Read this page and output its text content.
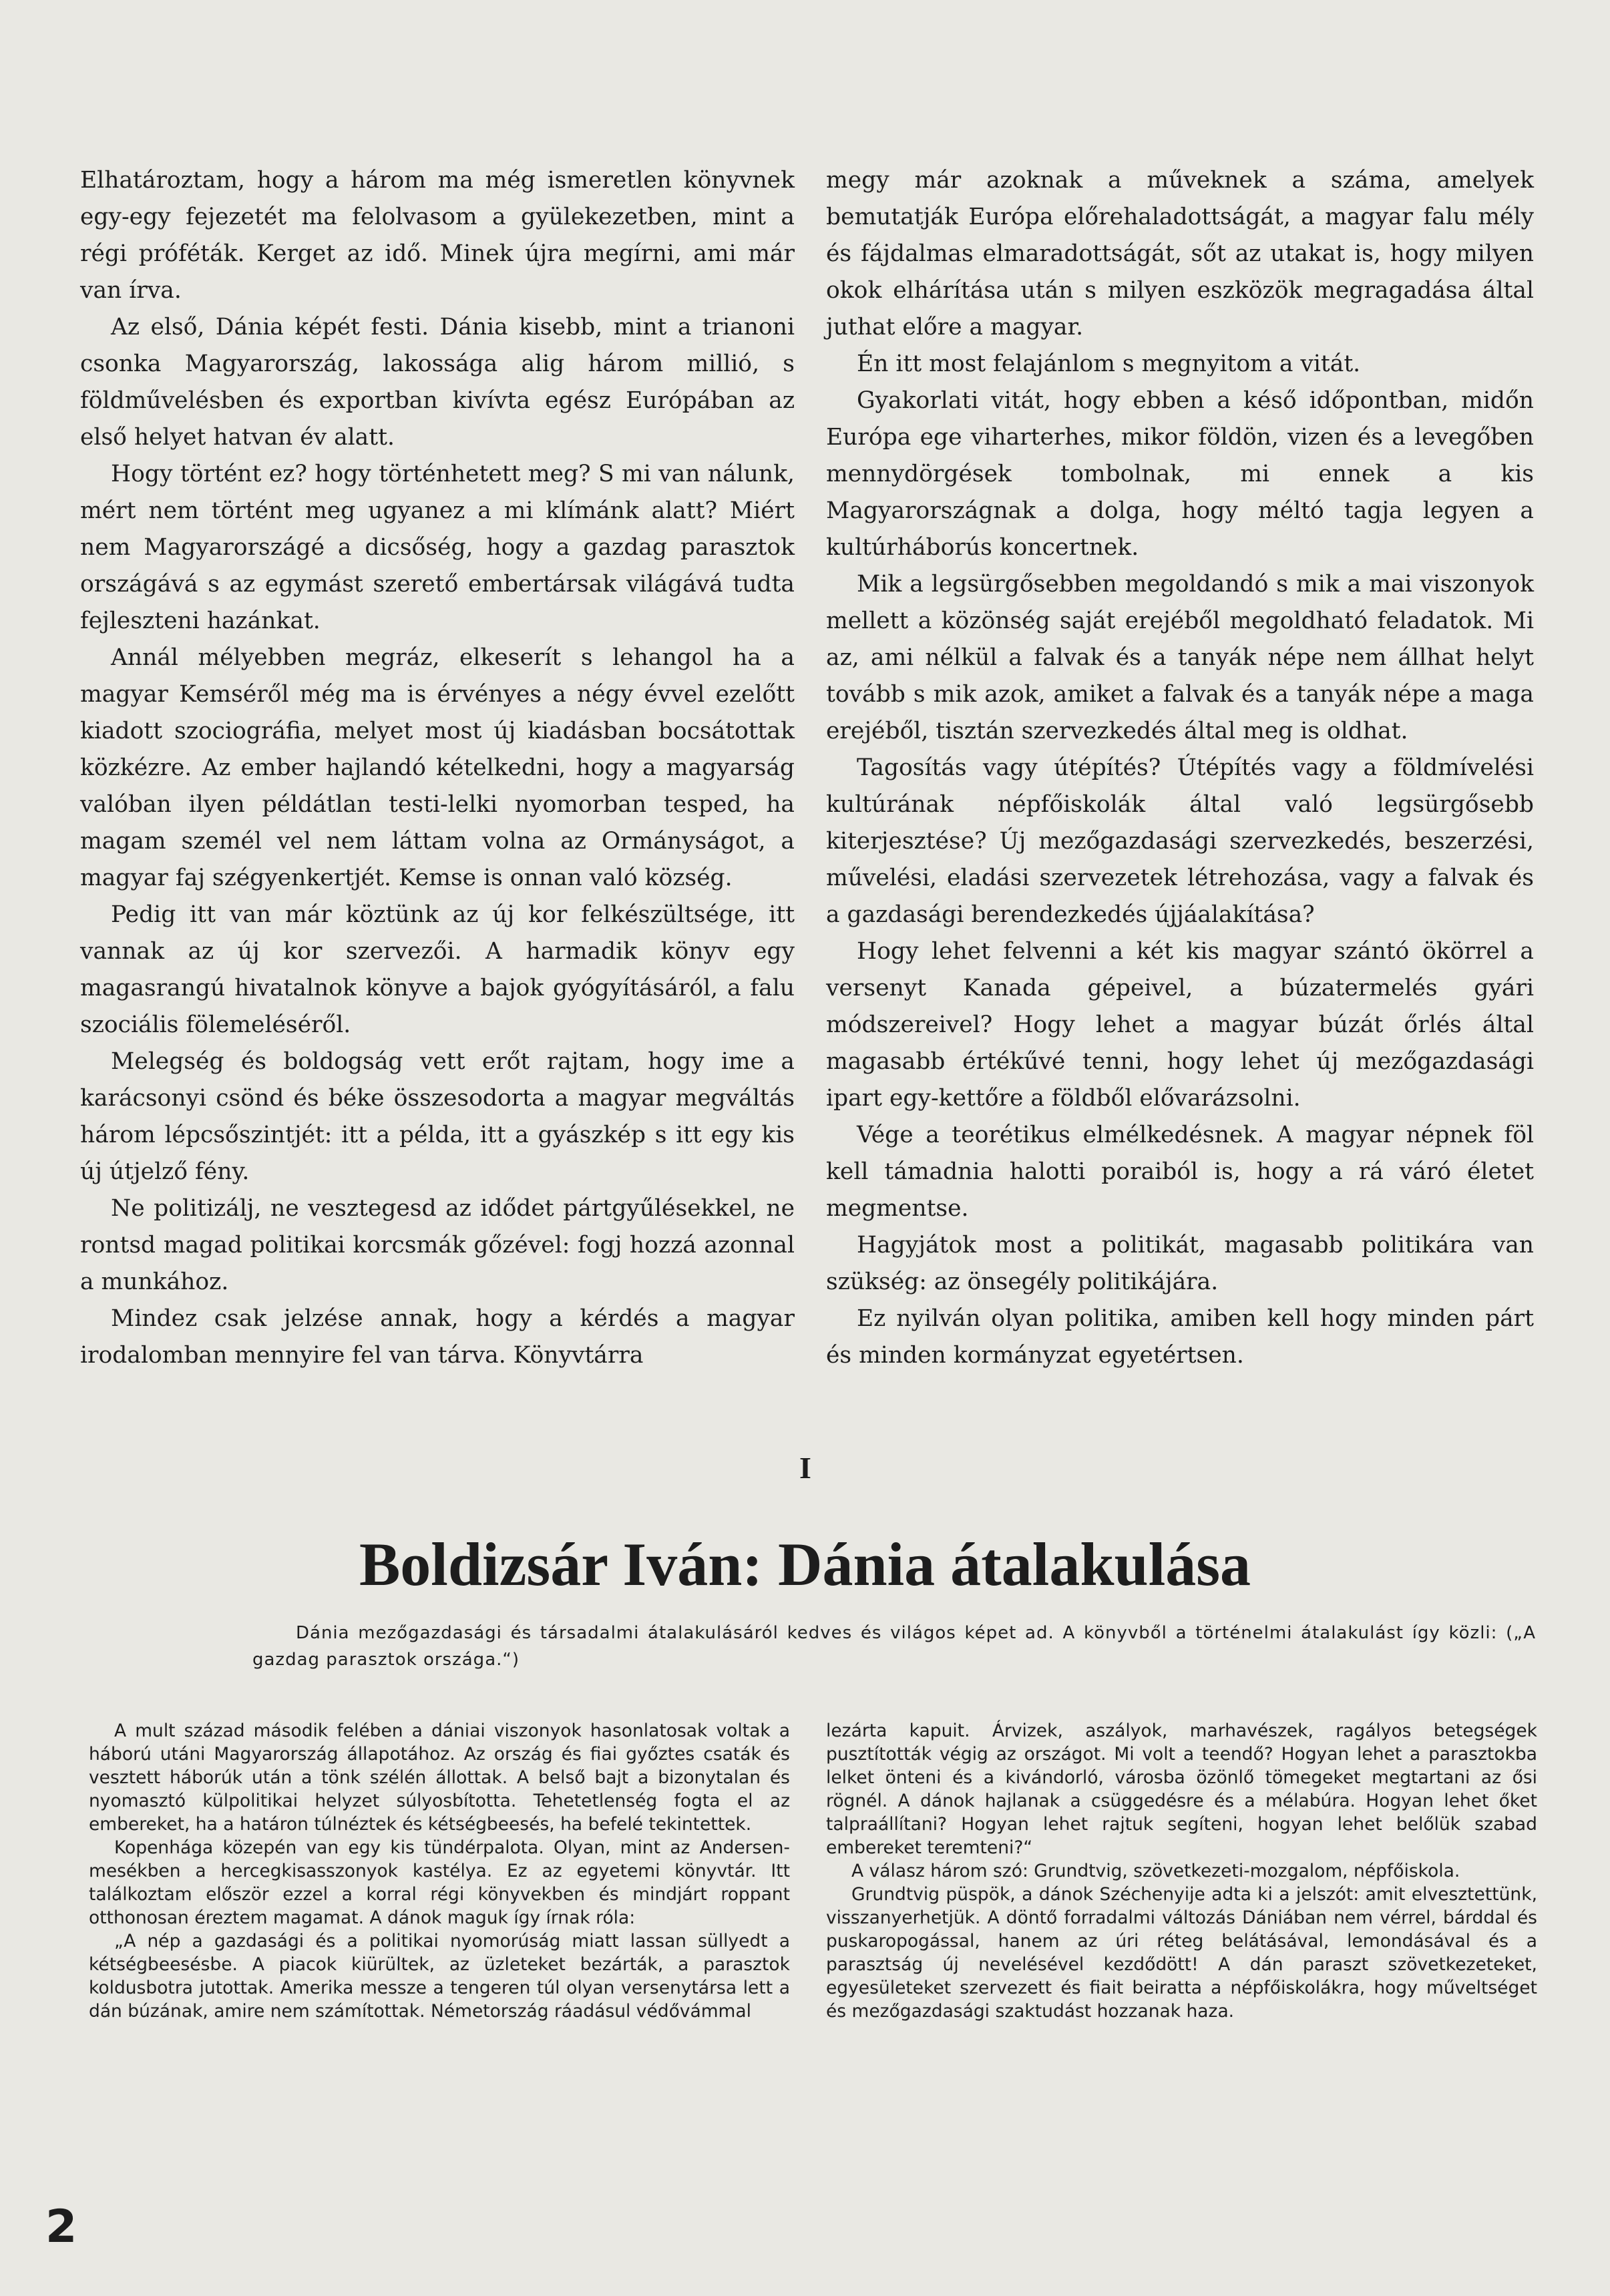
Elhatároztam, hogy a három ma még ismeretlen könyvnek egy-egy fejezetét ma felolvasom a gyülekezetben, mint a régi próféták. Kerget az idő. Minek újra megírni, ami már van írva.

Az első, Dánia képét festi. Dánia kisebb, mint a trianoni csonka Magyarország, lakossága alig három millió, s földművelésben és exportban kivívta egész Európában az első helyet hatvan év alatt.

Hogy történt ez? hogy történhetett meg? S mi van nálunk, mért nem történt meg ugyanez a mi klímánk alatt? Miért nem Magyarországé a dicsőség, hogy a gazdag parasztok országává s az egymást szerető embertársak világává tudta fejleszteni hazánkat.

Annál mélyebben megráz, elkeserít s lehangol ha a magyar Kemséről még ma is érvényes a négy évvel ezelőtt kiadott szociográfia, melyet most új kiadásban bocsátottak közkézre. Az ember hajlandó kételkedni, hogy a magyarság valóban ilyen példátlan testi-lelki nyomorban tesped, ha magam személ vel nem láttam volna az Ormányságot, a magyar faj szégyenkertjét. Kemse is onnan való község.

Pedig itt van már köztünk az új kor felkészültsége, itt vannak az új kor szervezői. A harmadik könyv egy magasrangú hivatalnok könyve a bajok gyógyításáról, a falu szociális fölemeléséről.

Melegség és boldogság vett erőt rajtam, hogy ime a karácsonyi csönd és béke összesodorta a magyar megváltás három lépcsőszintjét: itt a példa, itt a gyászkép s itt egy kis új útjelző fény.

Ne politizálj, ne vesztegesd az idődet pártgyűlésekkel, ne rontsd magad politikai korcsmák gőzével: fogj hozzá azonnal a munkához.

Mindez csak jelzése annak, hogy a kérdés a magyar irodalomban mennyire fel van tárva. Könyvtárra

megy már azoknak a műveknek a száma, amelyek bemutatják Európa előrehaladottságát, a magyar falu mély és fájdalmas elmaradottságát, sőt az utakat is, hogy milyen okok elhárítása után s milyen eszközök megragadása által juthat előre a magyar.

Én itt most felajánlom s megnyitom a vitát.

Gyakorlati vitát, hogy ebben a késő időpontban, midőn Európa ege viharterhes, mikor földön, vizen és a levegőben mennydörgések tombolnak, mi ennek a kis Magyarországnak a dolga, hogy méltó tagja legyen a kultúrháborús koncertnek.

Mik a legsürgősebben megoldandó s mik a mai viszonyok mellett a közönség saját erejéből megoldható feladatok. Mi az, ami nélkül a falvak és a tanyák népe nem állhat helyt tovább s mik azok, amiket a falvak és a tanyák népe a maga erejéből, tisztán szervezkedés által meg is oldhat.

Tagosítás vagy útépítés? Útépítés vagy a földmívelési kultúrának népfőiskolák által való legsürgősebb kiterjesztése? Új mezőgazdasági szervezkedés, beszerzési, művelési, eladási szervezetek létrehozása, vagy a falvak és a gazdasági berendezkedés újjáalakítása?

Hogy lehet felvenni a két kis magyar szántó ökörrel a versenyt Kanada gépeivel, a búzatermelés gyári módszereivel? Hogy lehet a magyar búzát őrlés által magasabb értékűvé tenni, hogy lehet új mezőgazdasági ipart egy-kettőre a földből elővarázsolni.

Vége a teorétikus elmélkedésnek. A magyar népnek föl kell támadnia halotti poraiból is, hogy a rá váró életet megmentse.

Hagyjátok most a politikát, magasabb politikára van szükség: az önsegély politikájára.

Ez nyilván olyan politika, amiben kell hogy minden párt és minden kormányzat egyetértsen.

I
Boldizsár Iván: Dánia átalakulása
Dánia mezőgazdasági és társadalmi átalakulásáról kedves és világos képet ad. A könyvből a történelmi átalakulást így közli: („A gazdag parasztok országa.“)

A mult század második felében a dániai viszonyok hasonlatosak voltak a háború utáni Magyarország állapotához. Az ország és fiai győztes csaták és vesztett háborúk után a tönk szélén állottak. A belső bajt a bizonytalan és nyomasztó külpolitikai helyzet súlyosbította. Tehetetlenség fogta el az embereket, ha a határon túlnéztek és kétségbeesés, ha befelé tekintettek.

Kopenhága közepén van egy kis tündérpalota. Olyan, mint az Andersen-mesékben a hercegkisasszonyok kastélya. Ez az egyetemi könyvtár. Itt találkoztam először ezzel a korral régi könyvekben és mindjárt roppant otthonosan éreztem magamat. A dánok maguk így írnak róla:

„A nép a gazdasági és a politikai nyomorúság miatt lassan süllyedt a kétségbeesésbe. A piacok kiürültek, az üzleteket bezárták, a parasztok koldusbotra jutottak. Amerika messze a tengeren túl olyan versenytársa lett a dán búzának, amire nem számítottak. Németország ráadásul védővámmal

lezárta kapuit. Árvizek, aszályok, marhavészek, ragályos betegségek pusztították végig az országot. Mi volt a teendő? Hogyan lehet a parasztokba lelket önteni és a kivándorló, városba özönlő tömegeket megtartani az ősi rögnél. A dánok hajlanak a csüggedésre és a mélabúra. Hogyan lehet őket talpraállítani? Hogyan lehet rajtuk segíteni, hogyan lehet belőlük szabad embereket teremteni?“

A válasz három szó: Grundtvig, szövetkezeti-mozgalom, népfőiskola.

Grundtvig püspök, a dánok Széchenyije adta ki a jelszót: amit elvesztettünk, visszanyerhetjük. A döntő forradalmi változás Dániában nem vérrel, bárddal és puskaropogással, hanem az úri réteg belátásával, lemondásával és a parasztság új nevelésével kezdődött! A dán paraszt szövetkezeteket, egyesületeket szervezett és fiait beiratta a népfőiskolákra, hogy műveltséget és mezőgazdasági szaktudást hozzanak haza.

2
